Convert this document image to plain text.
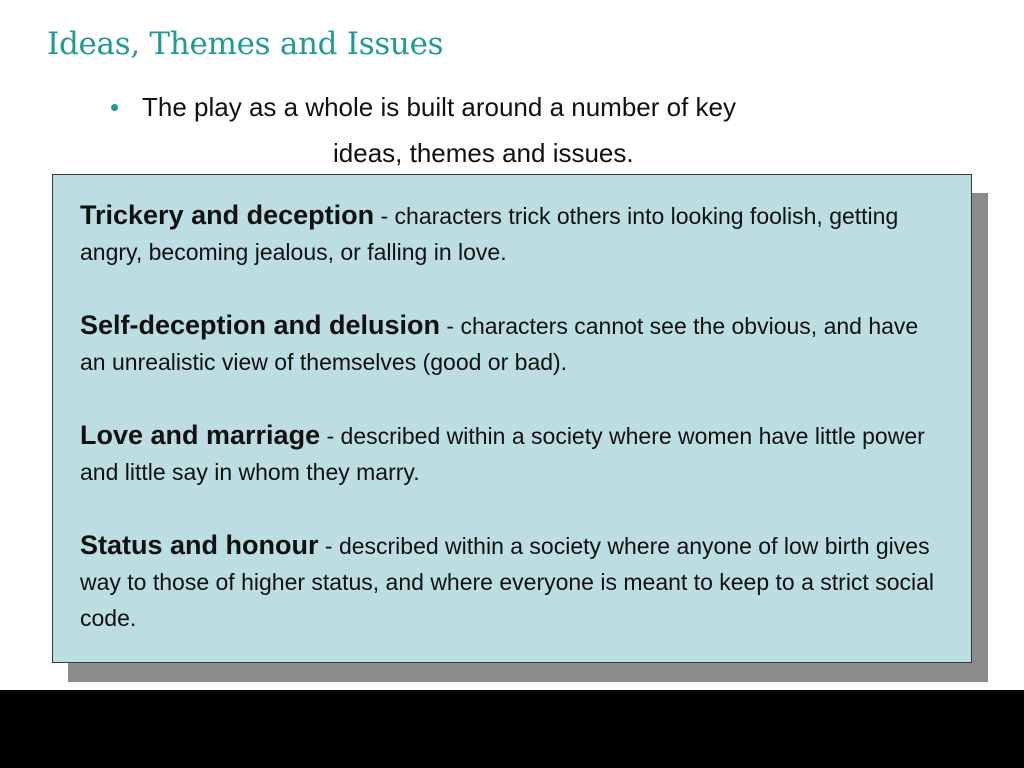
Ideas, Themes and Issues

• The play as a whole is built around a number of key
ideas, themes and issues.

Trickery and deception - characters trick others into looking foolish, getting angry, becoming jealous, or falling in love.
Self-deception and delusion - characters cannot see the obvious, and have an unrealistic view of themselves (good or bad).
Love and marriage - described within a society where women have little power and little say in whom they marry.
Status and honour - described within a society where anyone of low birth gives way to those of higher status, and where everyone is meant to keep to a strict social code.
